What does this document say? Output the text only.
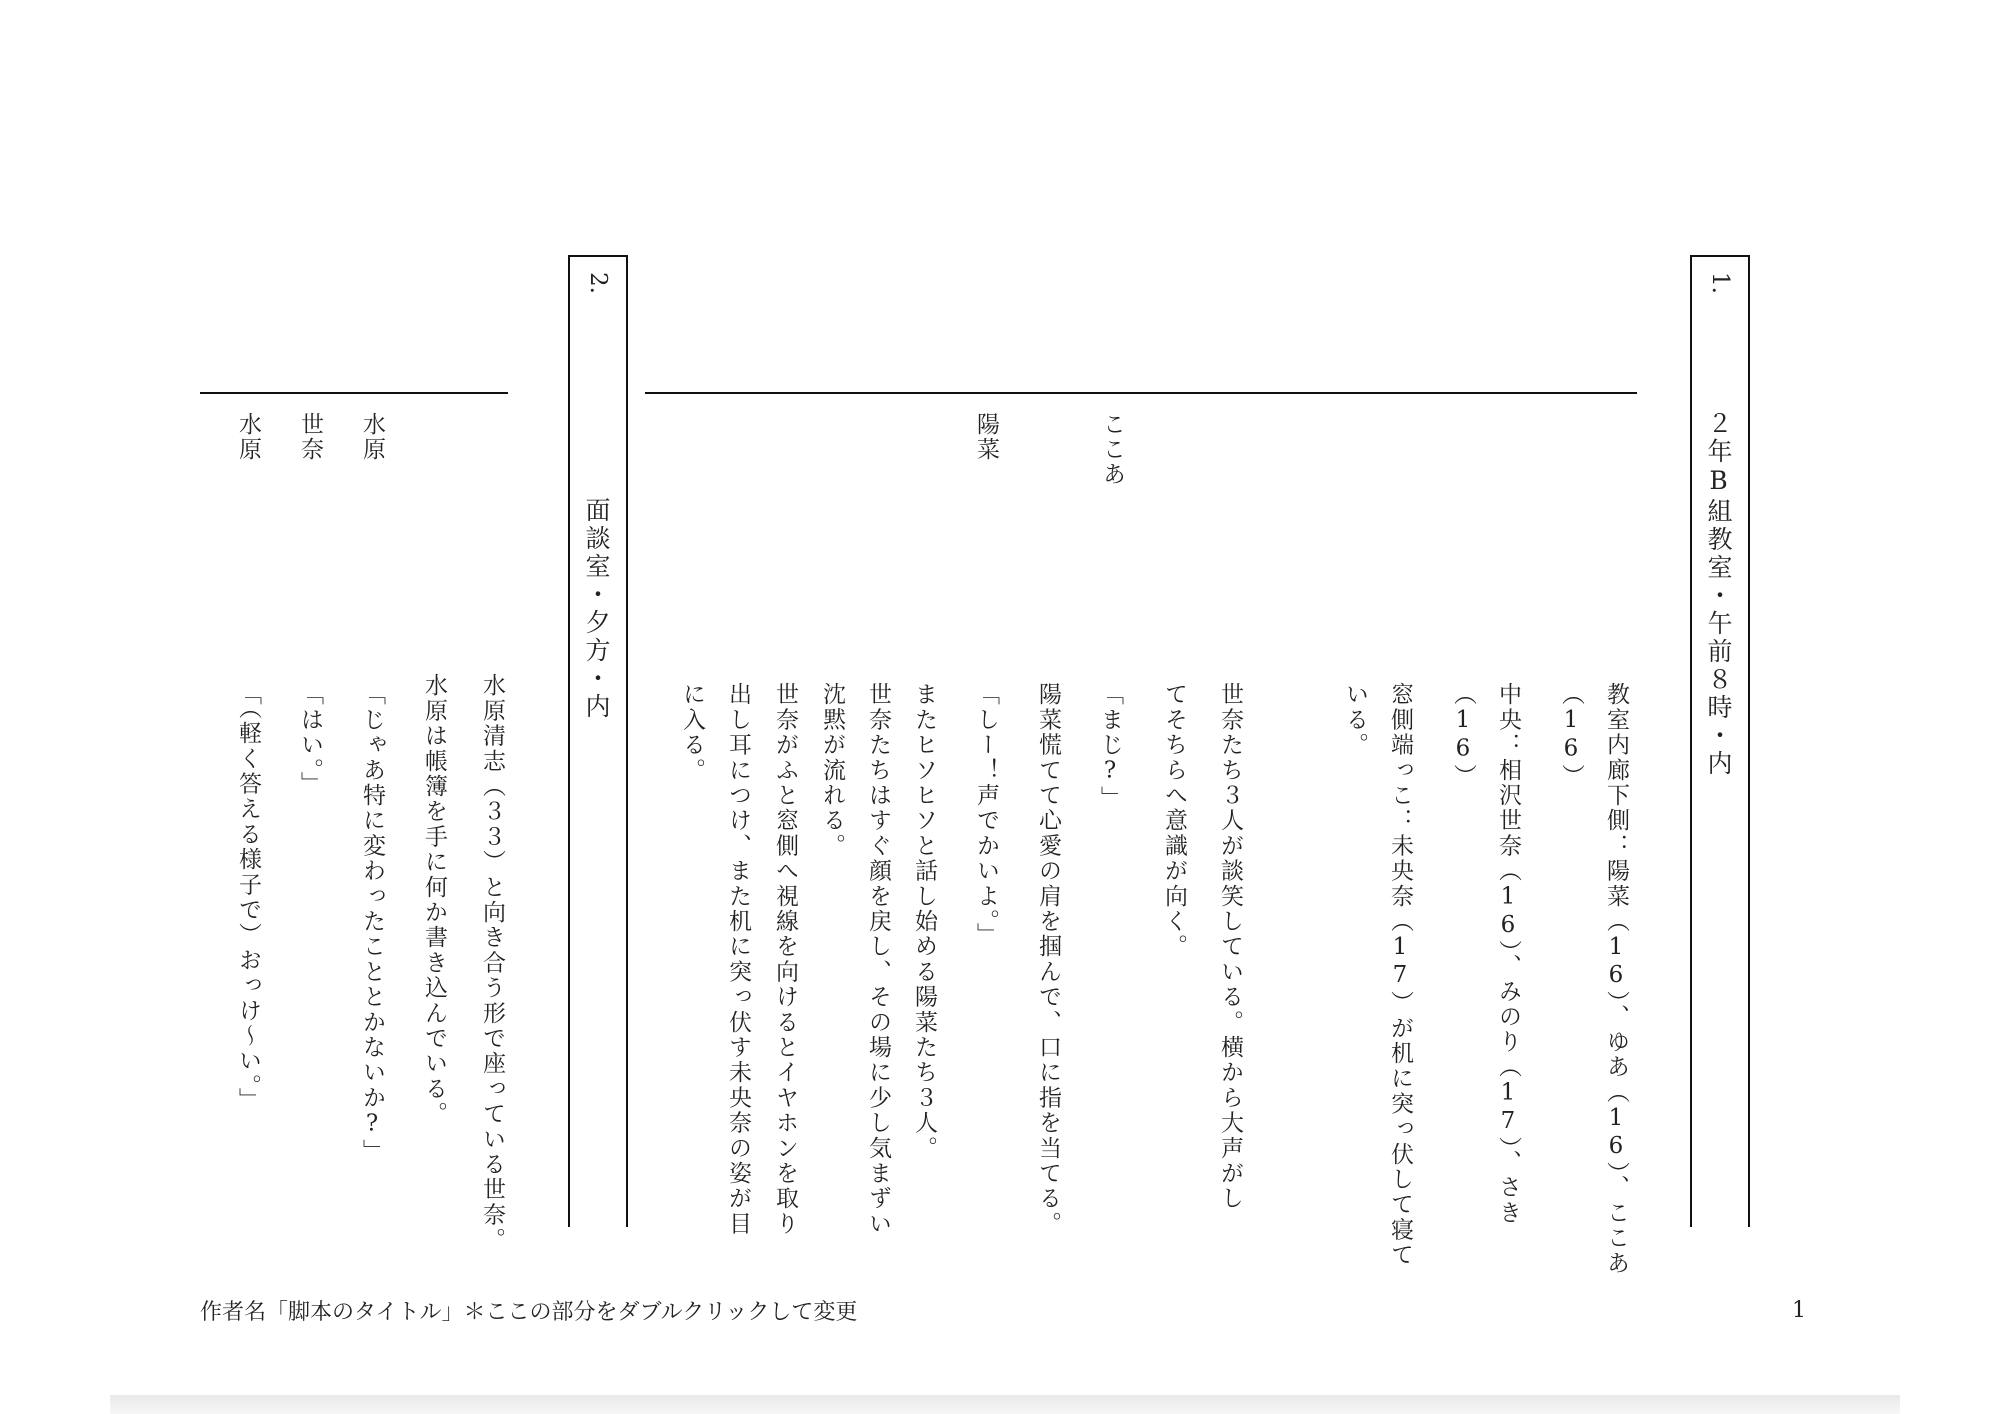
1.
２年B組教室・午前８時・内
教室内廊下側：陽菜（16）、ゆあ（16）、ここあ
（16）
中央：相沢世奈（16）、みのり（17）、さき
（16）
窓側端っこ：未央奈（17）が机に突っ伏して寝て
いる。
世奈たち３人が談笑している。横から大声がし
てそちらへ意識が向く。
「まじ?」
陽菜慌てて心愛の肩を掴んで、口に指を当てる。
「しー！声でかいよ。」
またヒソヒソと話し始める陽菜たち３人。
世奈たちはすぐ顔を戻し、その場に少し気まずい
沈黙が流れる。
世奈がふと窓側へ視線を向けるとイヤホンを取り
出し耳につけ、また机に突っ伏す未央奈の姿が目
に入る。
ここあ
陽菜
2.
面談室・夕方・内
水原清志（３３）と向き合う形で座っている世奈。
水原は帳簿を手に何か書き込んでいる。
「じゃあ特に変わったこととかないか?」
「はい。」
「（軽く答える様子で）おっけ～い。」
水原
世奈
水原
作者名「脚本のタイトル」＊ここの部分をダブルクリックして変更	1
